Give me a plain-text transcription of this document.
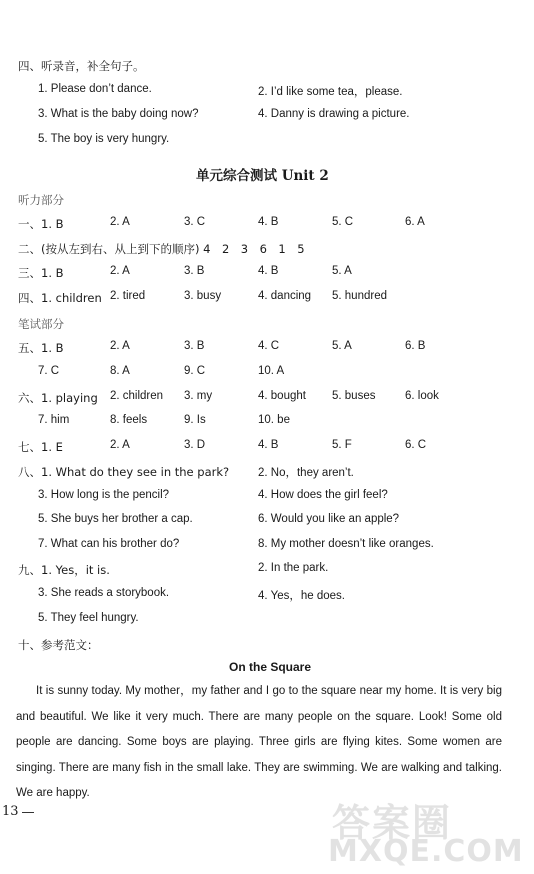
四、听录音，补全句子。
1. Please don’t dance.	2. I’d like some tea，please.
3. What is the baby doing now?	4. Danny is drawing a picture.
5. The boy is very hungry.
单元综合测试 Unit 2
听力部分
一、1. B	2. A	3. C	4. B	5. C	6. A
二、(按从左到右、从上到下的顺序) 4　2　3　6　1　5
三、1. B	2. A	3. B	4. B	5. A
四、1. children 2. tired	3. busy	4. dancing 5. hundred
笔试部分
五、1. B	2. A	3. B	4. C	5. A	6. B
7. C	8. A	9. C	10. A
六、1. playing 2. children 3. my	4. bought 5. buses	6. look
7. him	8. feels	9. Is	10. be
七、1. E	2. A	3. D	4. B	5. F	6. C
八、1. What do they see in the park?	2. No，they aren’t.
3. How long is the pencil?	4. How does the girl feel?
5. She buys her brother a cap.	6. Would you like an apple?
7. What can his brother do?	8. My mother doesn’t like oranges.
九、1. Yes，it is.	2. In the park.
3. She reads a storybook.	4. Yes，he does.
5. They feel hungry.
十、参考范文：
On the Square
It is sunny today. My mother，my father and I go to the square near my home. It is very big and beautiful. We like it very much. There are many people on the square. Look! Some old people are dancing. Some boys are playing. Three girls are flying kites. Some women are singing. There are many fish in the small lake. They are swimming. We are walking and talking. We are happy.
13	答案圈
MXQE.COM
